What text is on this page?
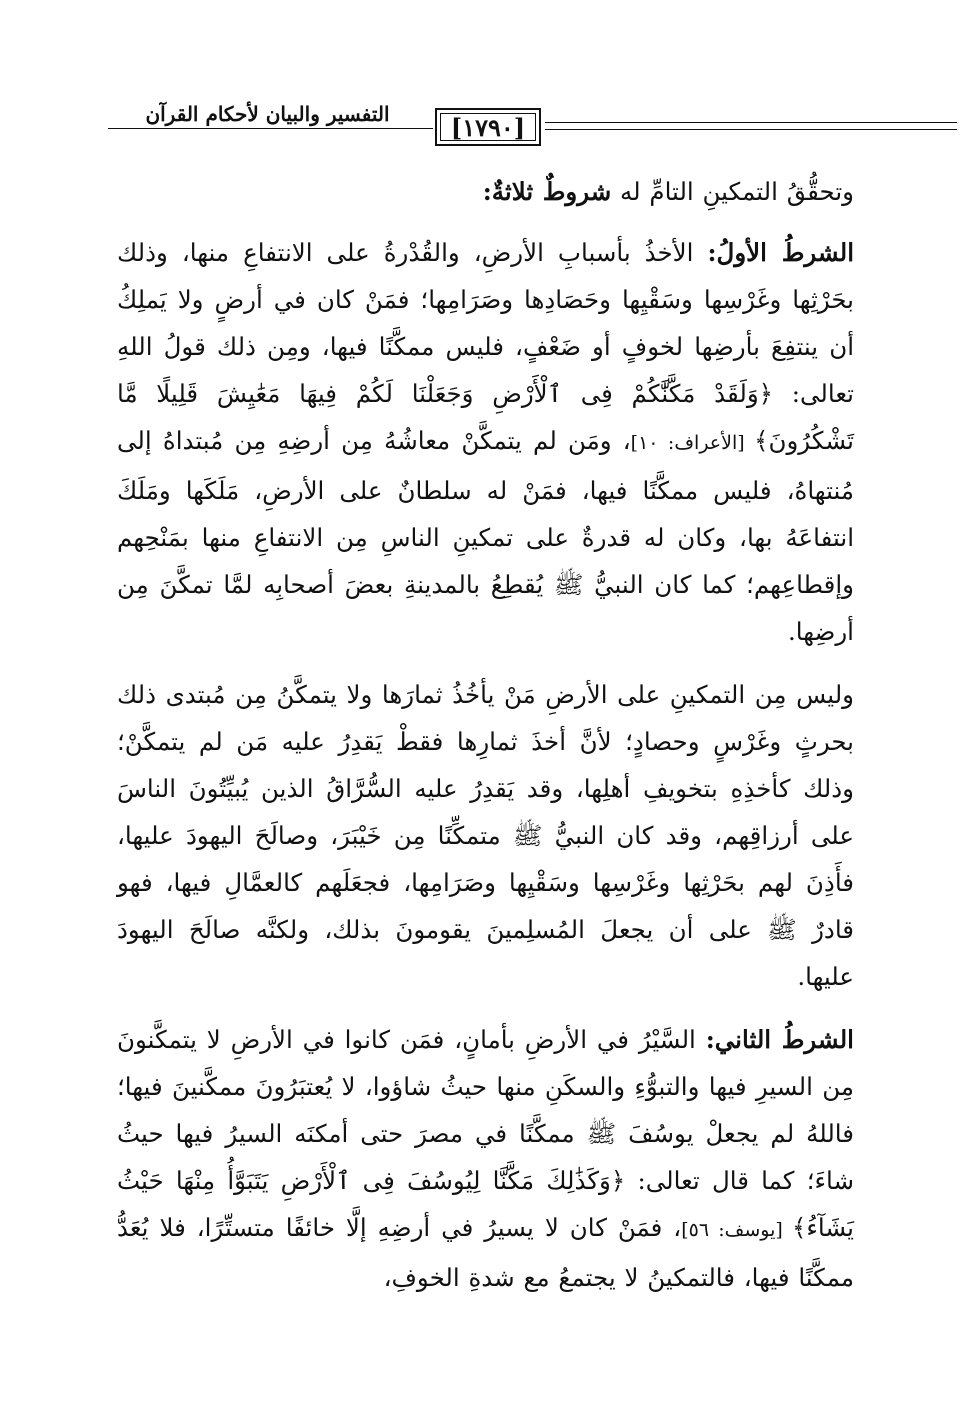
التفسير والبيان لأحكام القرآن	[١٧٩٠]

وتحقُّقُ التمكينِ التامِّ له شروطٌ ثلاثةٌ:

الشرطُ الأولُ: الأخذُ بأسبابِ الأرضِ، والقُدْرةُ على الانتفاعِ منها، وذلك بحَرْثِها وغَرْسِها وسَقْيِها وحَصَادِها وصَرَامِها؛ فمَنْ كان في أرضٍ ولا يَملِكُ أن ينتفِعَ بأرضِها لخوفٍ أو ضَعْفٍ، فليس ممكَّنًا فيها، ومِن ذلك قولُ اللهِ تعالى: ﴿وَلَقَدْ مَكَّنَّٰكُمْ فِى ٱلْأَرْضِ وَجَعَلْنَا لَكُمْ فِيهَا مَعَٰيِشَ قَلِيلًا مَّا تَشْكُرُونَ﴾ [الأعراف: ١٠]، ومَن لم يتمكَّنْ معاشُهُ مِن أرضِهِ مِن مُبتداهُ إلى مُنتهاهُ، فليس ممكَّنًا فيها، فمَنْ له سلطانٌ على الأرضِ، مَلَكَها ومَلَكَ انتفاعَهُ بها، وكان له قدرةٌ على تمكينِ الناسِ مِن الانتفاعِ منها بمَنْحِهم وإقطاعِهم؛ كما كان النبيُّ ﷺ يُقطِعُ بالمدينةِ بعضَ أصحابِه لمَّا تمكَّنَ مِن أرضِها.

وليس مِن التمكينِ على الأرضِ مَنْ يأخُذُ ثمارَها ولا يتمكَّنُ مِن مُبتدى ذلك بحرثٍ وغَرْسٍ وحصادٍ؛ لأنَّ أخذَ ثمارِها فقطْ يَقدِرُ عليه مَن لم يتمكَّنْ؛ وذلك كأخذِهِ بتخويفِ أهلِها، وقد يَقدِرُ عليه السُّرَّاقُ الذين يُبيِّتُونَ الناسَ على أرزاقِهم، وقد كان النبيُّ ﷺ متمكِّنًا مِن خَيْبَرَ، وصالَحَ اليهودَ عليها، فأَذِنَ لهم بحَرْثِها وغَرْسِها وسَقْيِها وصَرَامِها، فجعَلَهم كالعمَّالِ فيها، فهو قادرٌ ﷺ على أن يجعلَ المُسلِمينَ يقومونَ بذلك، ولكنَّه صالَحَ اليهودَ عليها.

الشرطُ الثاني: السَّيْرُ في الأرضِ بأمانٍ، فمَن كانوا في الأرضِ لا يتمكَّنونَ مِن السيرِ فيها والتبوُّءِ والسكَنِ منها حيثُ شاؤوا، لا يُعتبَرُونَ ممكَّنينَ فيها؛ فاللهُ لم يجعلْ يوسُفَ ﷺ ممكَّنًا في مصرَ حتى أمكنَه السيرُ فيها حيثُ شاءَ؛ كما قال تعالى: ﴿وَكَذَٰلِكَ مَكَّنَّا لِيُوسُفَ فِى ٱلْأَرْضِ يَتَبَوَّأُ مِنْهَا حَيْثُ يَشَآءُ﴾ [يوسف: ٥٦]، فمَنْ كان لا يسيرُ في أرضِهِ إلَّا خائفًا متستِّرًا، فلا يُعَدُّ ممكَّنًا فيها، فالتمكينُ لا يجتمعُ مع شدةِ الخوفِ،
